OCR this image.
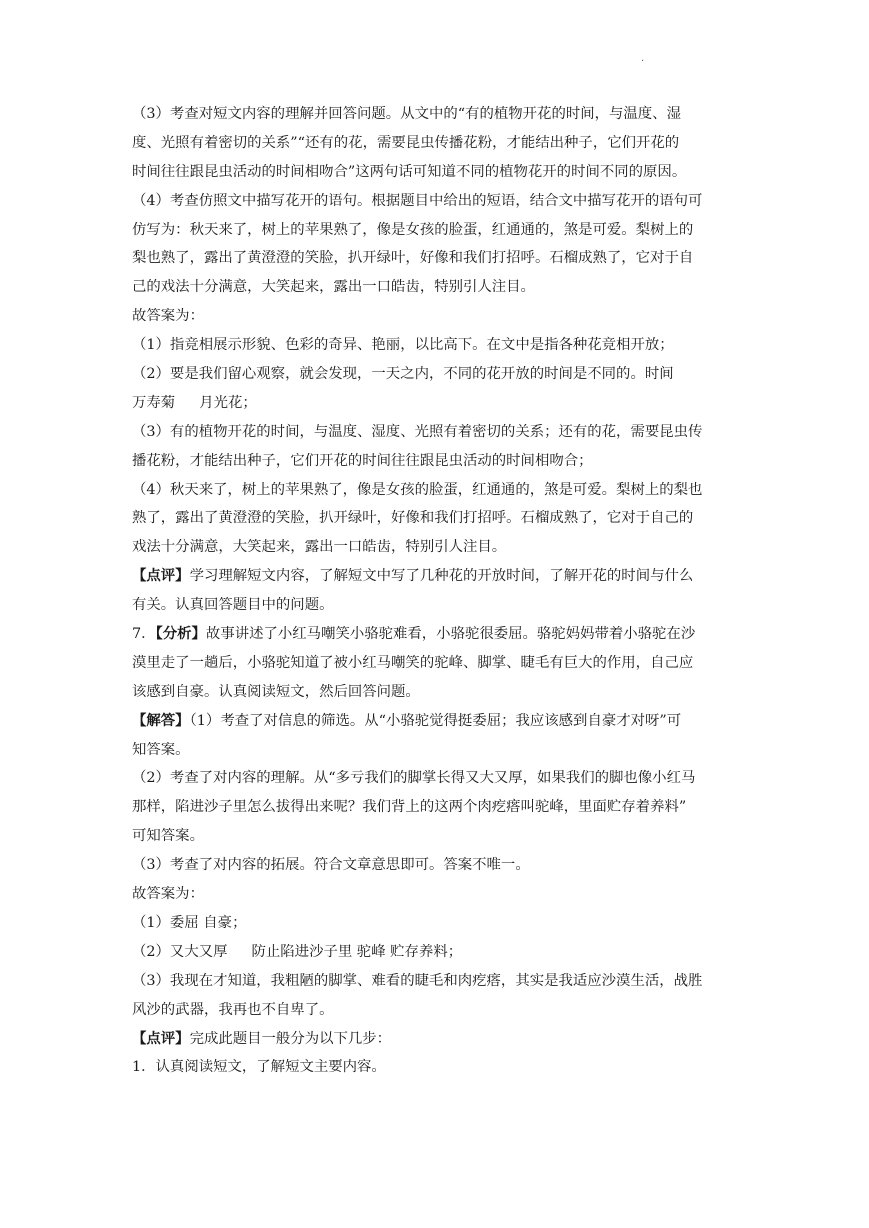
.
（3）考查对短文内容的理解并回答问题。从文中的“有的植物开花的时间，与温度、湿
度、光照有着密切的关系”“还有的花，需要昆虫传播花粉，才能结出种子，它们开花的
时间往往跟昆虫活动的时间相吻合”这两句话可知道不同的植物花开的时间不同的原因。
（4）考查仿照文中描写花开的语句。根据题目中给出的短语，结合文中描写花开的语句可
仿写为：秋天来了，树上的苹果熟了，像是女孩的脸蛋，红通通的，煞是可爱。梨树上的
梨也熟了，露出了黄澄澄的笑脸，扒开绿叶，好像和我们打招呼。石榴成熟了，它对于自
己的戏法十分满意，大笑起来，露出一口皓齿，特别引人注目。
故答案为：
（1）指竞相展示形貌、色彩的奇异、艳丽，以比高下。在文中是指各种花竞相开放；
（2）要是我们留心观察，就会发现，一天之内，不同的花开放的时间是不同的。时间
万寿菊 月光花；
（3）有的植物开花的时间，与温度、湿度、光照有着密切的关系；还有的花，需要昆虫传
播花粉，才能结出种子，它们开花的时间往往跟昆虫活动的时间相吻合；
（4）秋天来了，树上的苹果熟了，像是女孩的脸蛋，红通通的，煞是可爱。梨树上的梨也
熟了，露出了黄澄澄的笑脸，扒开绿叶，好像和我们打招呼。石榴成熟了，它对于自己的
戏法十分满意，大笑起来，露出一口皓齿，特别引人注目。
【点评】学习理解短文内容，了解短文中写了几种花的开放时间，了解开花的时间与什么
有关。认真回答题目中的问题。
7．【分析】故事讲述了小红马嘲笑小骆驼难看，小骆驼很委屈。骆驼妈妈带着小骆驼在沙
漠里走了一趟后，小骆驼知道了被小红马嘲笑的驼峰、脚掌、睫毛有巨大的作用，自己应
该感到自豪。认真阅读短文，然后回答问题。
【解答】（1）考查了对信息的筛选。从“小骆驼觉得挺委屈；我应该感到自豪才对呀”可
知答案。
（2）考查了对内容的理解。从“多亏我们的脚掌长得又大又厚，如果我们的脚也像小红马
那样，陷进沙子里怎么拔得出来呢？我们背上的这两个肉疙瘩叫驼峰，里面贮存着养料”
可知答案。
（3）考查了对内容的拓展。符合文章意思即可。答案不唯一。
故答案为：
（1）委屈 自豪；
（2）又大又厚 防止陷进沙子里 驼峰 贮存养料；
（3）我现在才知道，我粗陋的脚掌、难看的睫毛和肉疙瘩，其实是我适应沙漠生活，战胜
风沙的武器，我再也不自卑了。
【点评】完成此题目一般分为以下几步：
1．认真阅读短文，了解短文主要内容。
